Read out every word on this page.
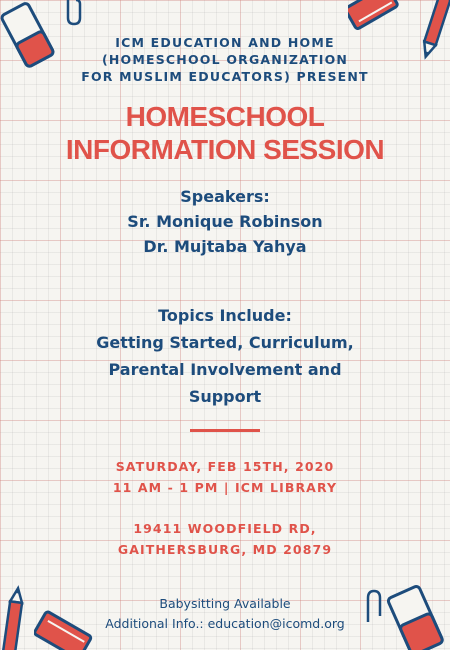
ICM EDUCATION AND HOME
(HOMESCHOOL ORGANIZATION
FOR MUSLIM EDUCATORS) PRESENT
HOMESCHOOL
INFORMATION SESSION
Speakers:
Sr. Monique Robinson
Dr. Mujtaba Yahya
Topics Include:
Getting Started, Curriculum,
Parental Involvement and
Support
SATURDAY, FEB 15TH, 2020
11 AM - 1 PM | ICM LIBRARY
19411 WOODFIELD RD,
GAITHERSBURG, MD 20879
Babysitting Available
Additional Info.: education@icomd.org
